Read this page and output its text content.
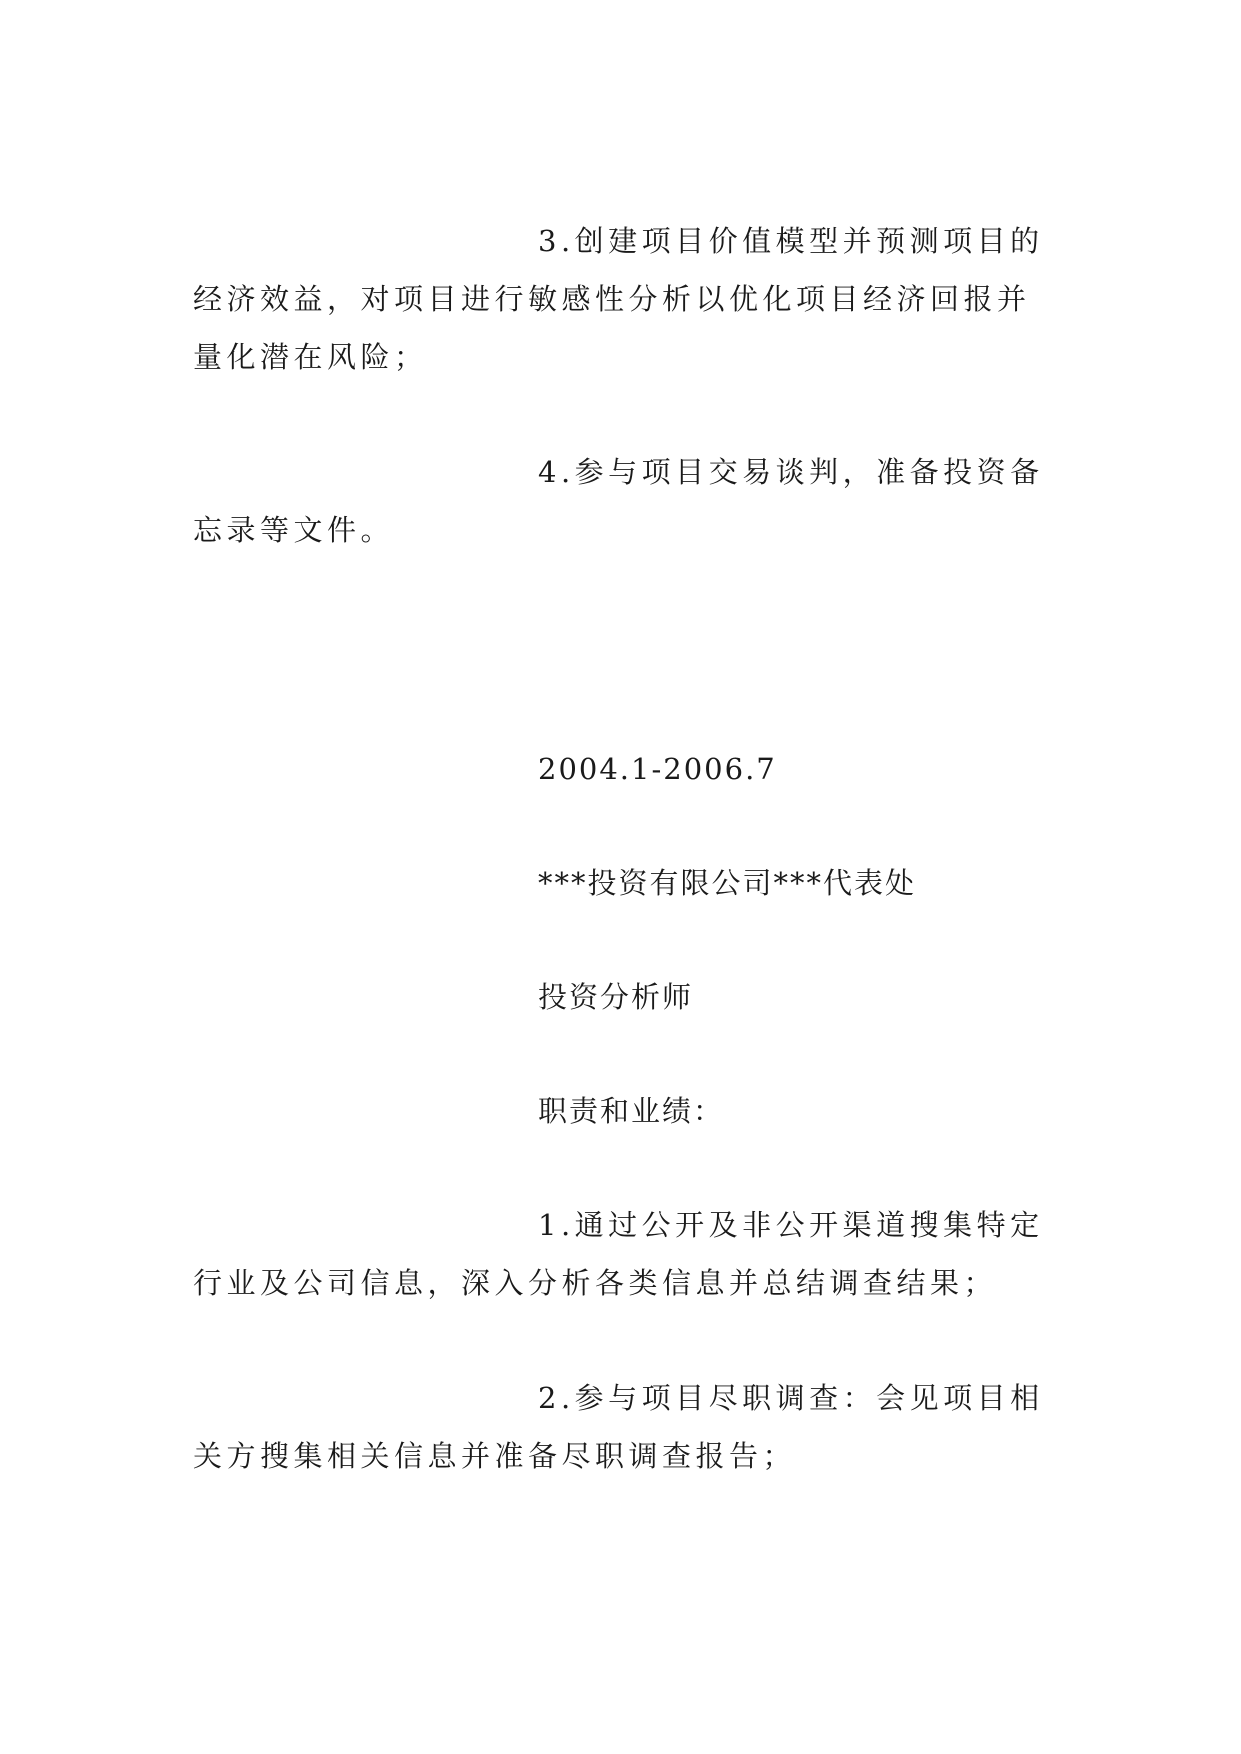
3.创建项目价值模型并预测项目的经济效益，对项目进行敏感性分析以优化项目经济回报并量化潜在风险；

4.参与项目交易谈判，准备投资备忘录等文件。

2004.1-2006.7

***投资有限公司***代表处

投资分析师

职责和业绩：

1.通过公开及非公开渠道搜集特定行业及公司信息，深入分析各类信息并总结调查结果；

2.参与项目尽职调查：会见项目相关方搜集相关信息并准备尽职调查报告；
